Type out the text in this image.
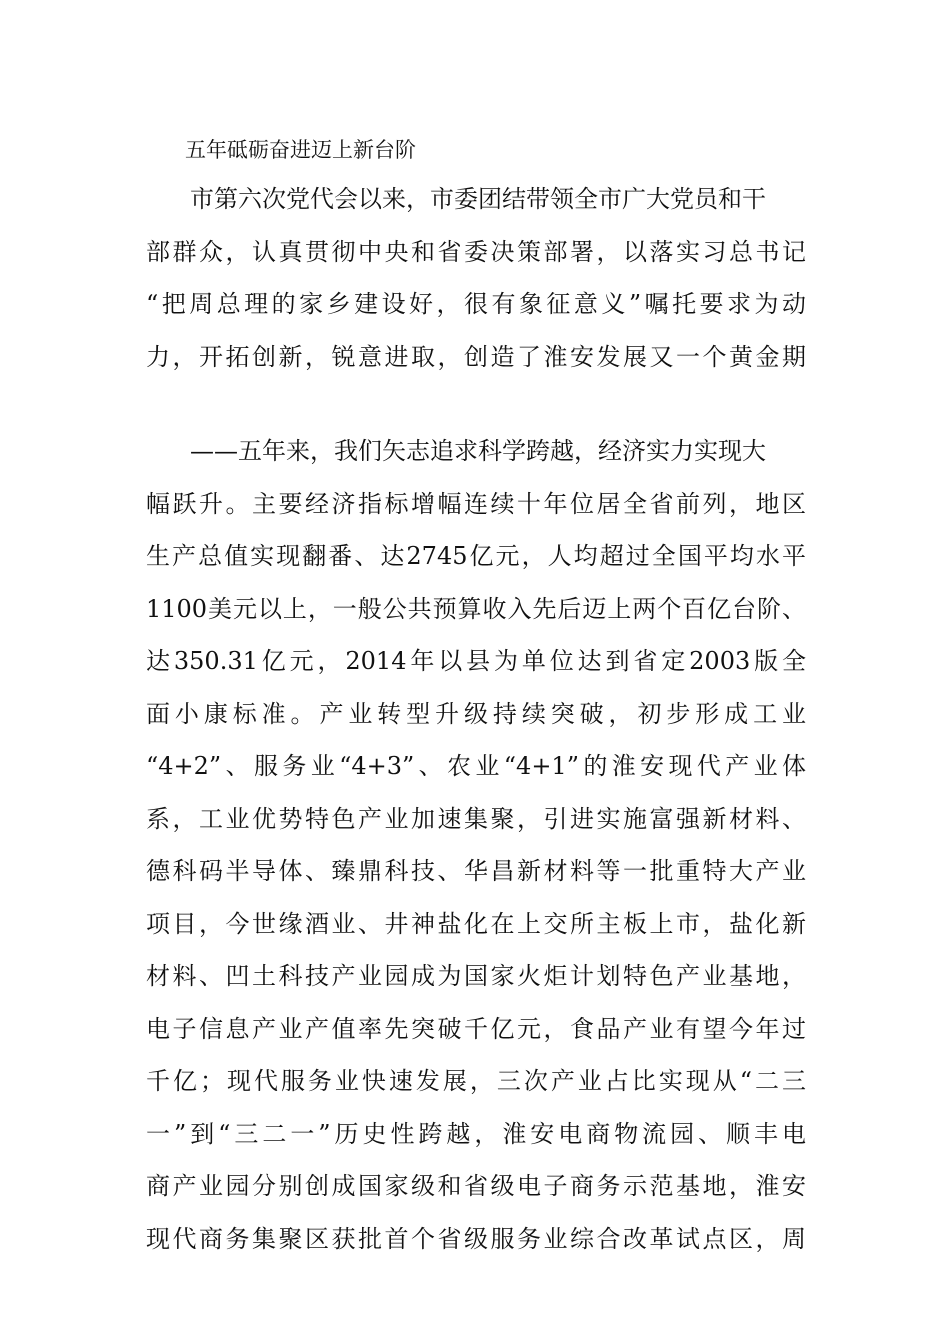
五年砥砺奋进迈上新台阶

市第六次党代会以来，市委团结带领全市广大党员和干

部群众，认真贯彻中央和省委决策部署，以落实习总书记

“把周总理的家乡建设好，很有象征意义”嘱托要求为动

力，开拓创新，锐意进取，创造了淮安发展又一个黄金期

——五年来，我们矢志追求科学跨越，经济实力实现大

幅跃升。主要经济指标增幅连续十年位居全省前列，地区

生产总值实现翻番、达2745亿元，人均超过全国平均水平

1100美元以上，一般公共预算收入先后迈上两个百亿台阶、

达350.31亿元，2014年以县为单位达到省定2003版全

面小康标准。产业转型升级持续突破，初步形成工业

“4+2”、服务业“4+3”、农业“4+1”的淮安现代产业体

系，工业优势特色产业加速集聚，引进实施富强新材料、

德科码半导体、臻鼎科技、华昌新材料等一批重特大产业

项目，今世缘酒业、井神盐化在上交所主板上市，盐化新

材料、凹土科技产业园成为国家火炬计划特色产业基地，

电子信息产业产值率先突破千亿元，食品产业有望今年过

千亿；现代服务业快速发展，三次产业占比实现从“二三

一”到“三二一”历史性跨越，淮安电商物流园、顺丰电

商产业园分别创成国家级和省级电子商务示范基地，淮安

现代商务集聚区获批首个省级服务业综合改革试点区，周
